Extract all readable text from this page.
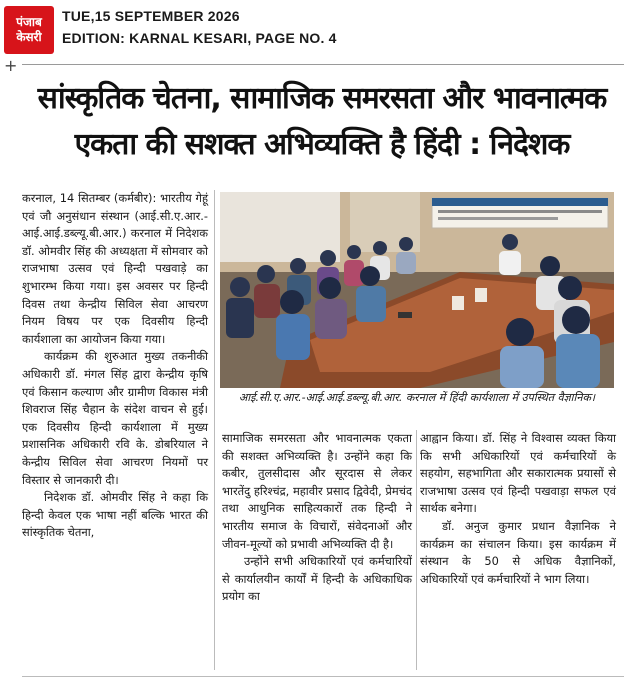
पंजाब
केसरी
TUE,15 SEPTEMBER 2026
EDITION: KARNAL KESARI, PAGE NO. 4
+
सांस्कृतिक चेतना, सामाजिक समरसता और भावनात्मक
एकता की सशक्त अभिव्यक्ति है हिंदी : निदेशक

करनाल, 14 सितम्बर (कर्मबीर): भारतीय गेहूं एवं जौ अनुसंधान संस्थान (आई.सी.ए.आर.-आई.आई.डब्ल्यू.बी.आर.) करनाल में निदेशक डॉ. ओमवीर सिंह की अध्यक्षता में सोमवार को राजभाषा उत्सव एवं हिन्दी पखवाड़े का शुभारम्भ किया गया। इस अवसर पर हिन्दी दिवस तथा केन्द्रीय सिविल सेवा आचरण नियम विषय पर एक दिवसीय हिन्दी कार्यशाला का आयोजन किया गया।

कार्यक्रम की शुरुआत मुख्य तकनीकी अधिकारी डॉ. मंगल सिंह द्वारा केन्द्रीय कृषि एवं किसान कल्याण और ग्रामीण विकास मंत्री शिवराज सिंह चैहान के संदेश वाचन से हुई। एक दिवसीय हिन्दी कार्यशाला में मुख्य प्रशासनिक अधिकारी रवि के. डोबरियाल ने केन्द्रीय सिविल सेवा आचरण नियमों पर विस्तार से जानकारी दी।

निदेशक डॉ. ओमवीर सिंह ने कहा कि हिन्दी केवल एक भाषा नहीं बल्कि भारत की सांस्कृतिक चेतना,

आई.सी.ए.आर.-आई.आई.डब्ल्यू.बी.आर. करनाल में हिंदी कार्यशाला में उपस्थित वैज्ञानिक।

सामाजिक समरसता और भावनात्मक एकता की सशक्त अभिव्यक्ति है। उन्होंने कहा कि कबीर, तुलसीदास और सूरदास से लेकर भारतेंदु हरिश्चंद्र, महावीर प्रसाद द्विवेदी, प्रेमचंद तथा आधुनिक साहित्यकारों तक हिन्दी ने भारतीय समाज के विचारों, संवेदनाओं और जीवन-मूल्यों को प्रभावी अभिव्यक्ति दी है।

उन्होंने सभी अधिकारियों एवं कर्मचारियों से कार्यालयीन कार्यों में हिन्दी के अधिकाधिक प्रयोग का

आह्वान किया। डॉ. सिंह ने विश्वास व्यक्त किया कि सभी अधिकारियों एवं कर्मचारियों के सहयोग, सहभागिता और सकारात्मक प्रयासों से राजभाषा उत्सव एवं हिन्दी पखवाड़ा सफल एवं सार्थक बनेगा।

डॉ. अनुज कुमार प्रधान वैज्ञानिक ने कार्यक्रम का संचालन किया। इस कार्यक्रम में संस्थान के 50 से अधिक वैज्ञानिकों, अधिकारियों एवं कर्मचारियों ने भाग लिया।
